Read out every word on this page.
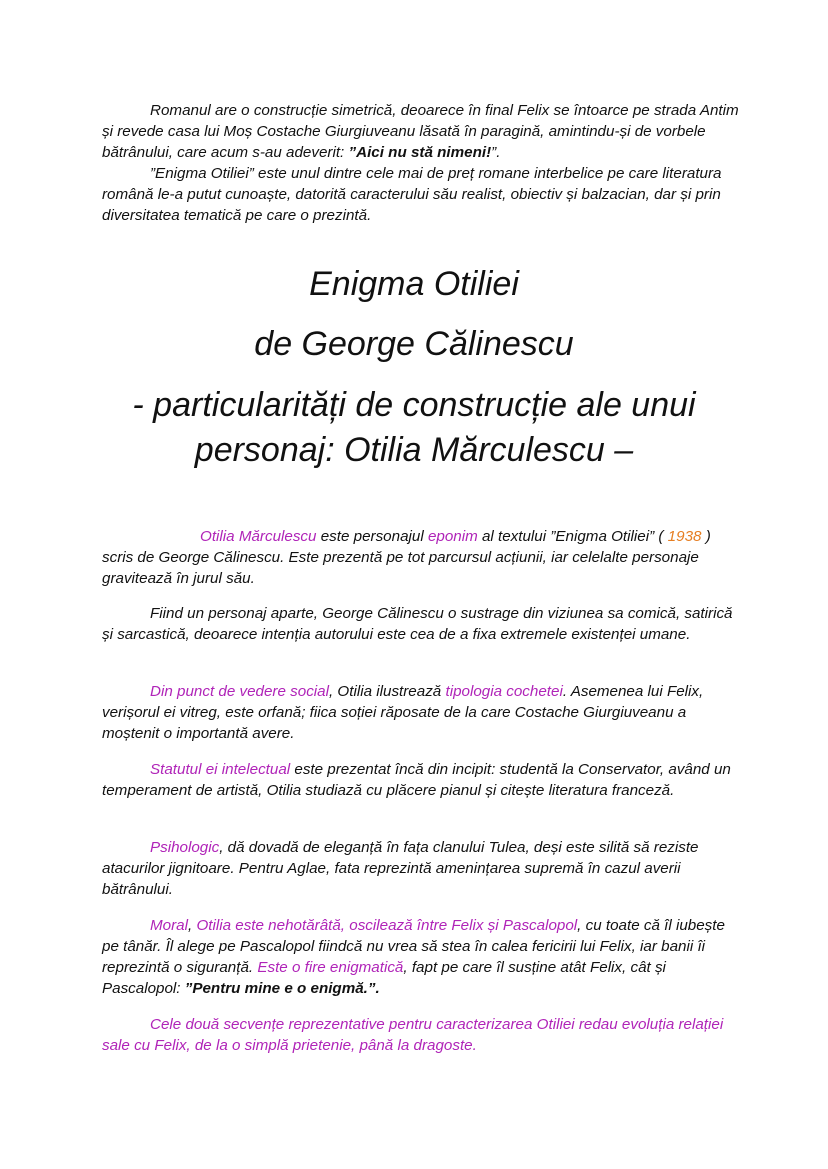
Romanul are o construcție simetrică, deoarece în final Felix se întoarce pe strada Antim și revede casa lui Moș Costache Giurgiuveanu lăsată în paragină, amintindu-și de vorbele bătrânului, care acum s-au adeverit: ”Aici nu stă nimeni!”.
”Enigma Otiliei” este unul dintre cele mai de preț romane interbelice pe care literatura română le-a putut cunoaște, datorită caracterului său realist, obiectiv și balzacian, dar și prin diversitatea tematică pe care o prezintă.
Enigma Otiliei
de George Călinescu
- particularități de construcție ale unui
personaj: Otilia Mărculescu –
Otilia Mărculescu este personajul eponim al textului ”Enigma Otiliei” ( 1938 ) scris de George Călinescu. Este prezentă pe tot parcursul acțiunii, iar celelalte personaje gravitează în jurul său.
Fiind un personaj aparte, George Călinescu o sustrage din viziunea sa comică, satirică și sarcastică, deoarece intenția autorului este cea de a fixa extremele existenței umane.
Din punct de vedere social, Otilia ilustrează tipologia cochetei. Asemenea lui Felix, verișorul ei vitreg, este orfană; fiica soției răposate de la care Costache Giurgiuveanu a moștenit o importantă avere.
Statutul ei intelectual este prezentat încă din incipit: studentă la Conservator, având un temperament de artistă, Otilia studiază cu plăcere pianul și citește literatura franceză.
Psihologic, dă dovadă de eleganță în fața clanului Tulea, deși este silită să reziste atacurilor jignitoare. Pentru Aglae, fata reprezintă amenințarea supremă în cazul averii bătrânului.
Moral, Otilia este nehotărâtă, oscilează între Felix și Pascalopol, cu toate că îl iubește pe tânăr. Îl alege pe Pascalopol fiindcă nu vrea să stea în calea fericirii lui Felix, iar banii îi reprezintă o siguranță. Este o fire enigmatică, fapt pe care îl susține atât Felix, cât și Pascalopol: ”Pentru mine e o enigmă.”.
Cele două secvențe reprezentative pentru caracterizarea Otiliei redau evoluția relației sale cu Felix, de la o simplă prietenie, până la dragoste.
